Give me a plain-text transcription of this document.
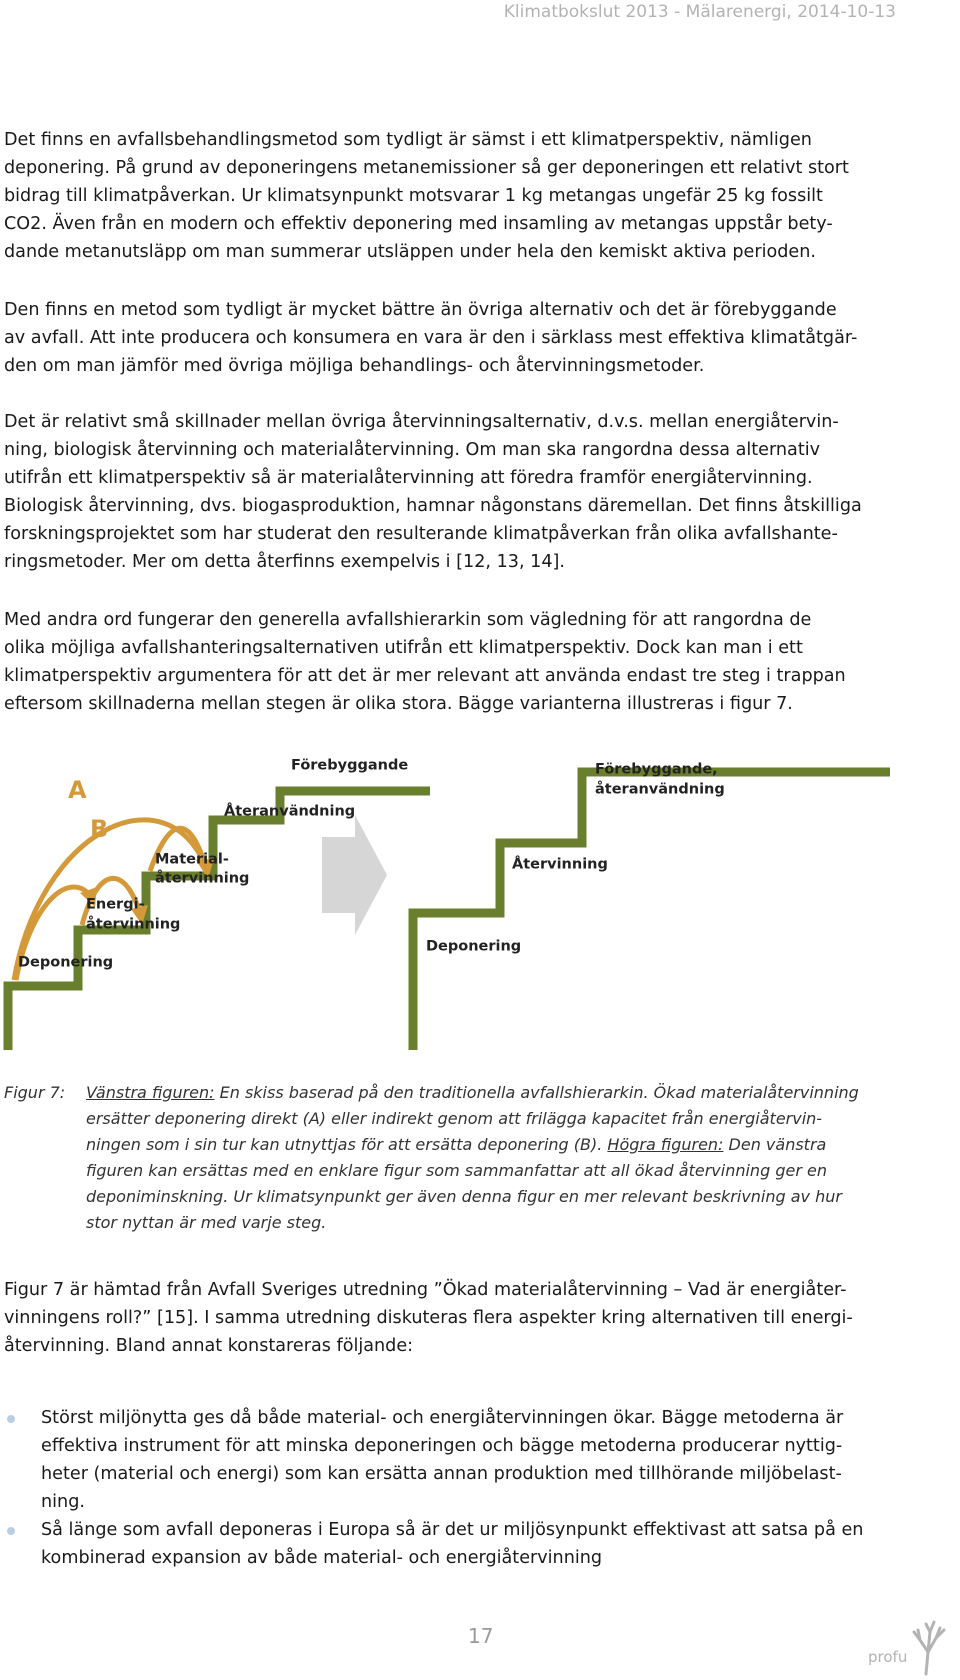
Klimatbokslut 2013 - Mälarenergi, 2014-10-13
Det finns en avfallsbehandlingsmetod som tydligt är sämst i ett klimatperspektiv, nämligen
deponering. På grund av deponeringens metanemissioner så ger deponeringen ett relativt stort
bidrag till klimatpåverkan. Ur klimatsynpunkt motsvarar 1 kg metangas ungefär 25 kg fossilt
CO2. Även från en modern och effektiv deponering med insamling av metangas uppstår bety-
dande metanutsläpp om man summerar utsläppen under hela den kemiskt aktiva perioden.
Den finns en metod som tydligt är mycket bättre än övriga alternativ och det är förebyggande
av avfall. Att inte producera och konsumera en vara är den i särklass mest effektiva klimatåtgär-
den om man jämför med övriga möjliga behandlings- och återvinningsmetoder.
Det är relativt små skillnader mellan övriga återvinningsalternativ, d.v.s. mellan energiåtervin-
ning, biologisk återvinning och materialåtervinning. Om man ska rangordna dessa alternativ
utifrån ett klimatperspektiv så är materialåtervinning att föredra framför energiåtervinning.
Biologisk återvinning, dvs. biogasproduktion, hamnar någonstans däremellan. Det finns åtskilliga
forskningsprojektet som har studerat den resulterande klimatpåverkan från olika avfallshante-
ringsmetoder. Mer om detta återfinns exempelvis i [12, 13, 14].
Med andra ord fungerar den generella avfallshierarkin som vägledning för att rangordna de
olika möjliga avfallshanteringsalternativen utifrån ett klimatperspektiv. Dock kan man i ett
klimatperspektiv argumentera för att det är mer relevant att använda endast tre steg i trappan
eftersom skillnaderna mellan stegen är olika stora. Bägge varianterna illustreras i figur 7.
A
B
Deponering
Energi-
återvinning
Material-
återvinning
Återanvändning
Förebyggande
Deponering
Återvinning
Förebyggande,
återanvändning
Figur 7: Vänstra figuren: En skiss baserad på den traditionella avfallshierarkin. Ökad materialåtervinning
ersätter deponering direkt (A) eller indirekt genom att frilägga kapacitet från energiåtervin-
ningen som i sin tur kan utnyttjas för att ersätta deponering (B). Högra figuren: Den vänstra
figuren kan ersättas med en enklare figur som sammanfattar att all ökad återvinning ger en
deponiminskning. Ur klimatsynpunkt ger även denna figur en mer relevant beskrivning av hur
stor nyttan är med varje steg.
Figur 7 är hämtad från Avfall Sveriges utredning ”Ökad materialåtervinning – Vad är energiåter-
vinningens roll?” [15]. I samma utredning diskuteras flera aspekter kring alternativen till energi-
återvinning. Bland annat konstareras följande:
Störst miljönytta ges då både material- och energiåtervinningen ökar. Bägge metoderna är
effektiva instrument för att minska deponeringen och bägge metoderna producerar nyttig-
heter (material och energi) som kan ersätta annan produktion med tillhörande miljöbelast-
ning.
Så länge som avfall deponeras i Europa så är det ur miljösynpunkt effektivast att satsa på en
kombinerad expansion av både material- och energiåtervinning
17
profu
